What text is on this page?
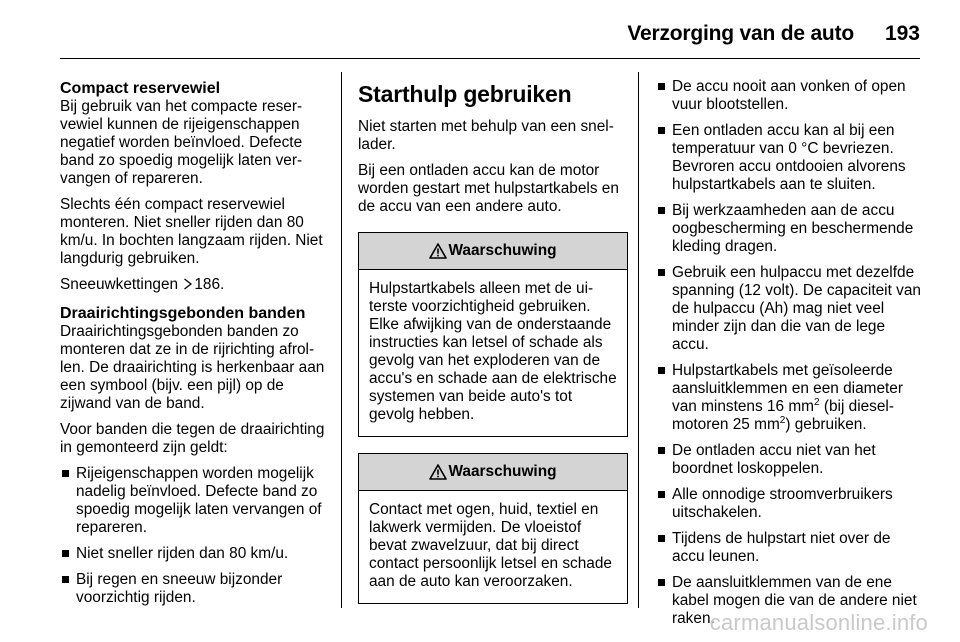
Verzorging van de auto 193
Compact reservewiel

Bij gebruik van het compacte reservewiel kunnen de rijeigenschappen negatief worden beïnvloed. Defecte band zo spoedig mogelijk laten vervangen of repareren.

Slechts één compact reservewiel monteren. Niet sneller rijden dan 80 km/u. In bochten langzaam rijden. Niet langdurig gebruiken.

Sneeuwkettingen 186.

Draairichtingsgebonden banden

Draairichtingsgebonden banden zo monteren dat ze in de rijrichting afrollen. De draairichting is herkenbaar aan een symbool (bijv. een pijl) op de zijwand van de band.

Voor banden die tegen de draairichting in gemonteerd zijn geldt:

Rijeigenschappen worden mogelijk nadelig beïnvloed. Defecte band zo spoedig mogelijk laten vervangen of repareren.
Niet sneller rijden dan 80 km/u.
Bij regen en sneeuw bijzonder voorzichtig rijden.
Starthulp gebruiken

Niet starten met behulp van een snellader.

Bij een ontladen accu kan de motor worden gestart met hulpstartkabels en de accu van een andere auto.

Waarschuwing
Hulpstartkabels alleen met de uiterste voorzichtigheid gebruiken. Elke afwijking van de onderstaande instructies kan letsel of schade als gevolg van het exploderen van de accu's en schade aan de elektrische systemen van beide auto's tot gevolg hebben.
Waarschuwing
Contact met ogen, huid, textiel en lakwerk vermijden. De vloeistof bevat zwavelzuur, dat bij direct contact persoonlijk letsel en schade aan de auto kan veroorzaken.
De accu nooit aan vonken of open vuur blootstellen.
Een ontladen accu kan al bij een temperatuur van 0 °C bevriezen. Bevroren accu ontdooien alvorens hulpstartkabels aan te sluiten.
Bij werkzaamheden aan de accu oogbescherming en beschermende kleding dragen.
Gebruik een hulpaccu met dezelfde spanning (12 volt). De capaciteit van de hulpaccu (Ah) mag niet veel minder zijn dan die van de lege accu.
Hulpstartkabels met geïsoleerde aansluitklemmen en een diameter van minstens 16 $mm^2$ (bij dieselmotoren 25 $mm^2$) gebruiken.
De ontladen accu niet van het boordnet loskoppelen.
Alle onnodige stroomverbruikers uitschakelen.
Tijdens de hulpstart niet over de accu leunen.
De aansluitklemmen van de ene kabel mogen die van de andere niet raken.
carmanualsonline.info
